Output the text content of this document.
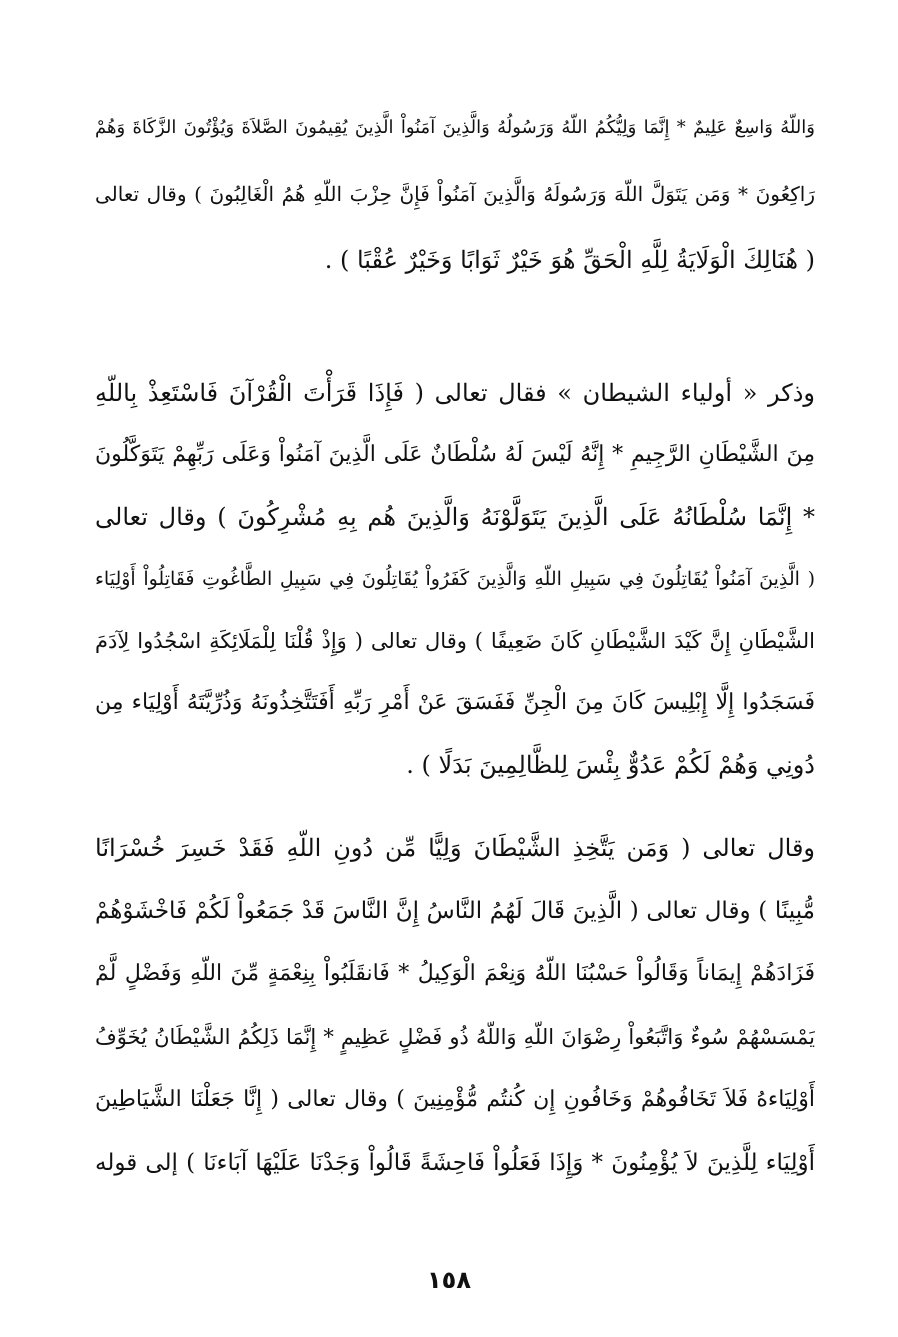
وَاللّهُ وَاسِعٌ عَلِيمٌ * إِنَّمَا وَلِيُّكُمُ اللّهُ وَرَسُولُهُ وَالَّذِينَ آمَنُواْ الَّذِينَ يُقِيمُونَ الصَّلاَةَ وَيُؤْتُونَ الزَّكَاةَ وَهُمْ
رَاكِعُونَ * وَمَن يَتَوَلَّ اللّهَ وَرَسُولَهُ وَالَّذِينَ آمَنُواْ فَإِنَّ حِزْبَ اللّهِ هُمُ الْغَالِبُونَ ) وقال تعالى
( هُنَالِكَ الْوَلَايَةُ لِلَّهِ الْحَقِّ هُوَ خَيْرٌ ثَوَابًا وَخَيْرٌ عُقْبًا ) .
وذكر « أولياء الشيطان » فقال تعالى ( فَإِذَا قَرَأْتَ الْقُرْآنَ فَاسْتَعِذْ بِاللّهِ
مِنَ الشَّيْطَانِ الرَّجِيمِ * إِنَّهُ لَيْسَ لَهُ سُلْطَانٌ عَلَى الَّذِينَ آمَنُواْ وَعَلَى رَبِّهِمْ يَتَوَكَّلُونَ
* إِنَّمَا سُلْطَانُهُ عَلَى الَّذِينَ يَتَوَلَّوْنَهُ وَالَّذِينَ هُم بِهِ مُشْرِكُونَ ) وقال تعالى
( الَّذِينَ آمَنُواْ يُقَاتِلُونَ فِي سَبِيلِ اللّهِ وَالَّذِينَ كَفَرُواْ يُقَاتِلُونَ فِي سَبِيلِ الطَّاغُوتِ فَقَاتِلُواْ أَوْلِيَاء
الشَّيْطَانِ إِنَّ كَيْدَ الشَّيْطَانِ كَانَ ضَعِيفًا ) وقال تعالى ( وَإِذْ قُلْنَا لِلْمَلَائِكَةِ اسْجُدُوا لِآدَمَ
فَسَجَدُوا إِلَّا إِبْلِيسَ كَانَ مِنَ الْجِنِّ فَفَسَقَ عَنْ أَمْرِ رَبِّهِ أَفَتَتَّخِذُونَهُ وَذُرِّيَّتَهُ أَوْلِيَاء مِن
دُونِي وَهُمْ لَكُمْ عَدُوٌّ بِئْسَ لِلظَّالِمِينَ بَدَلًا ) .
وقال تعالى ( وَمَن يَتَّخِذِ الشَّيْطَانَ وَلِيًّا مِّن دُونِ اللّهِ فَقَدْ خَسِرَ خُسْرَانًا
مُّبِينًا ) وقال تعالى ( الَّذِينَ قَالَ لَهُمُ النَّاسُ إِنَّ النَّاسَ قَدْ جَمَعُواْ لَكُمْ فَاخْشَوْهُمْ
فَزَادَهُمْ إِيمَاناً وَقَالُواْ حَسْبُنَا اللّهُ وَنِعْمَ الْوَكِيلُ * فَانقَلَبُواْ بِنِعْمَةٍ مِّنَ اللّهِ وَفَضْلٍ لَّمْ
يَمْسَسْهُمْ سُوءٌ وَاتَّبَعُواْ رِضْوَانَ اللّهِ وَاللّهُ ذُو فَضْلٍ عَظِيمٍ * إِنَّمَا ذَلِكُمُ الشَّيْطَانُ يُخَوِّفُ
أَوْلِيَاءهُ فَلاَ تَخَافُوهُمْ وَخَافُونِ إِن كُنتُم مُّؤْمِنِينَ ) وقال تعالى ( إِنَّا جَعَلْنَا الشَّيَاطِينَ
أَوْلِيَاء لِلَّذِينَ لاَ يُؤْمِنُونَ * وَإِذَا فَعَلُواْ فَاحِشَةً قَالُواْ وَجَدْنَا عَلَيْهَا آبَاءنَا ) إلى قوله
١٥٨
